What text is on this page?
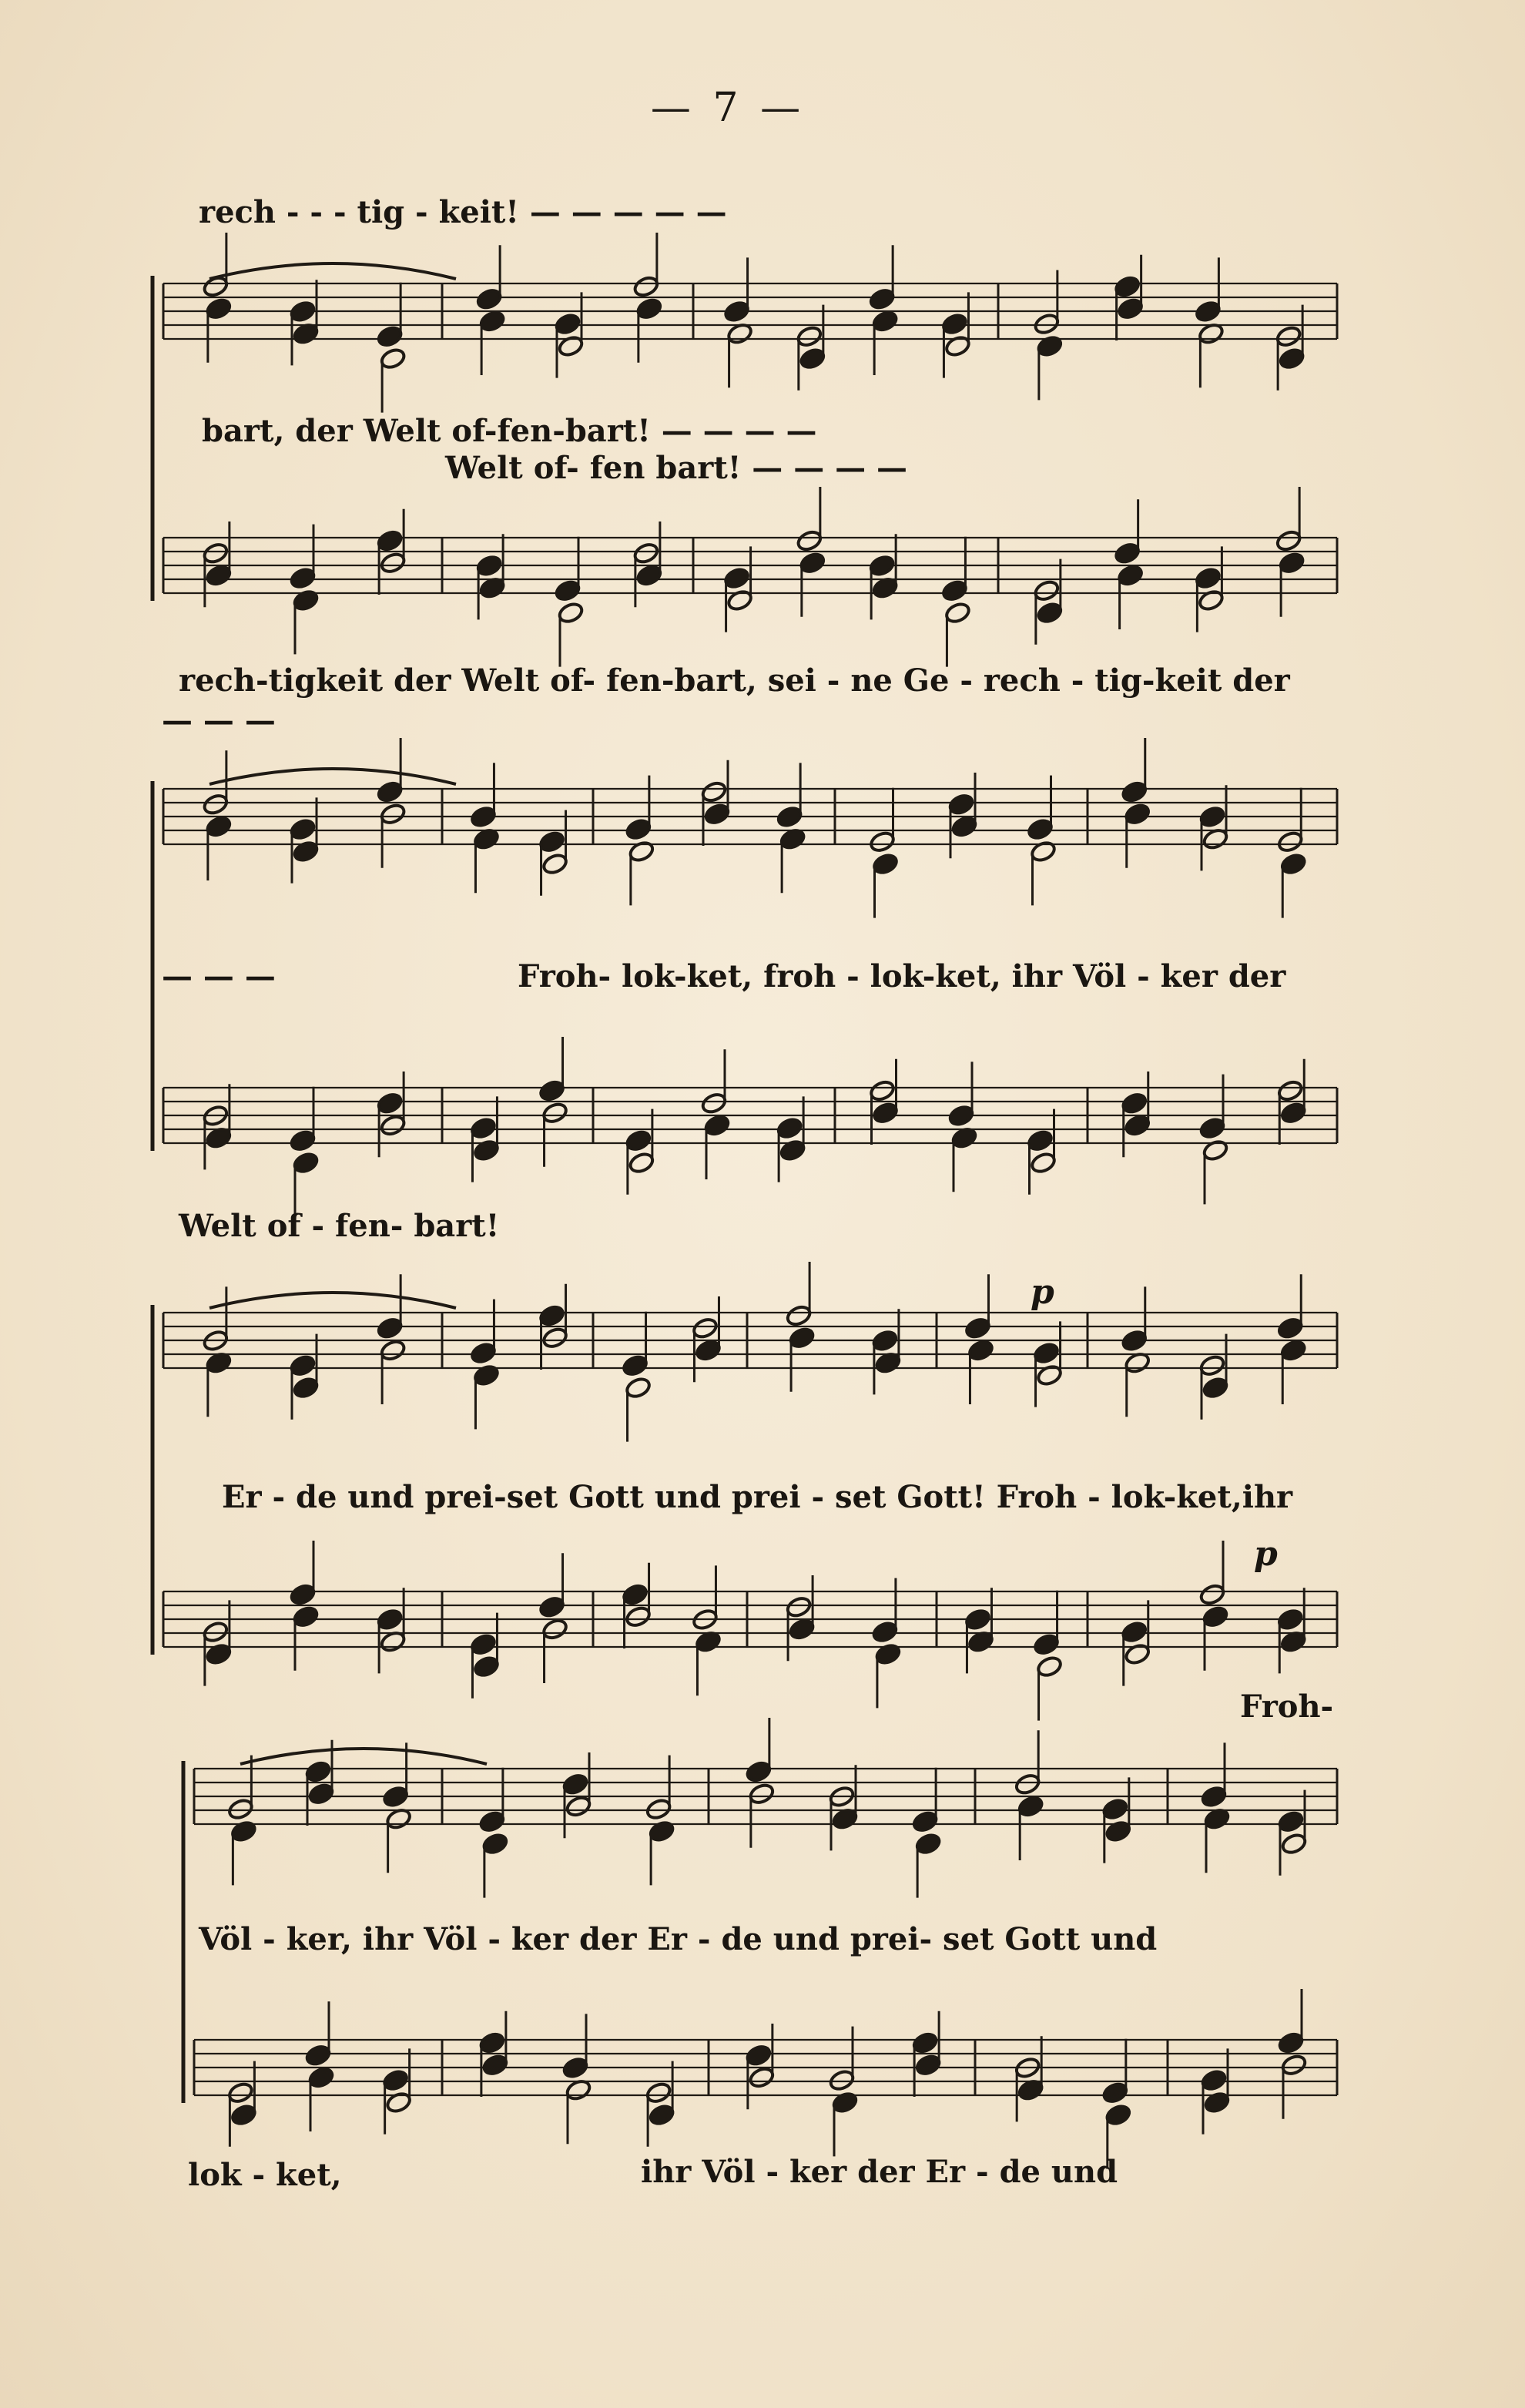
— 7 —
rech - - - tig - keit! — — — — —
bart, der Welt of-fen-bart! — — — —
Welt of- fen bart! — — — —
rech-tigkeit der Welt of- fen-bart, sei - ne Ge - rech - tig-keit der
— — —
— — —	Froh- lok-ket, froh - lok-ket, ihr Völ - ker der
Welt of - fen- bart!
Er - de und prei-set Gott und prei - set Gott! Froh - lok-ket,ihr
Froh-
Völ - ker, ihr Völ - ker der Er - de und prei- set Gott und
lok - ket,	ihr Völ - ker der Er - de und
p
p
